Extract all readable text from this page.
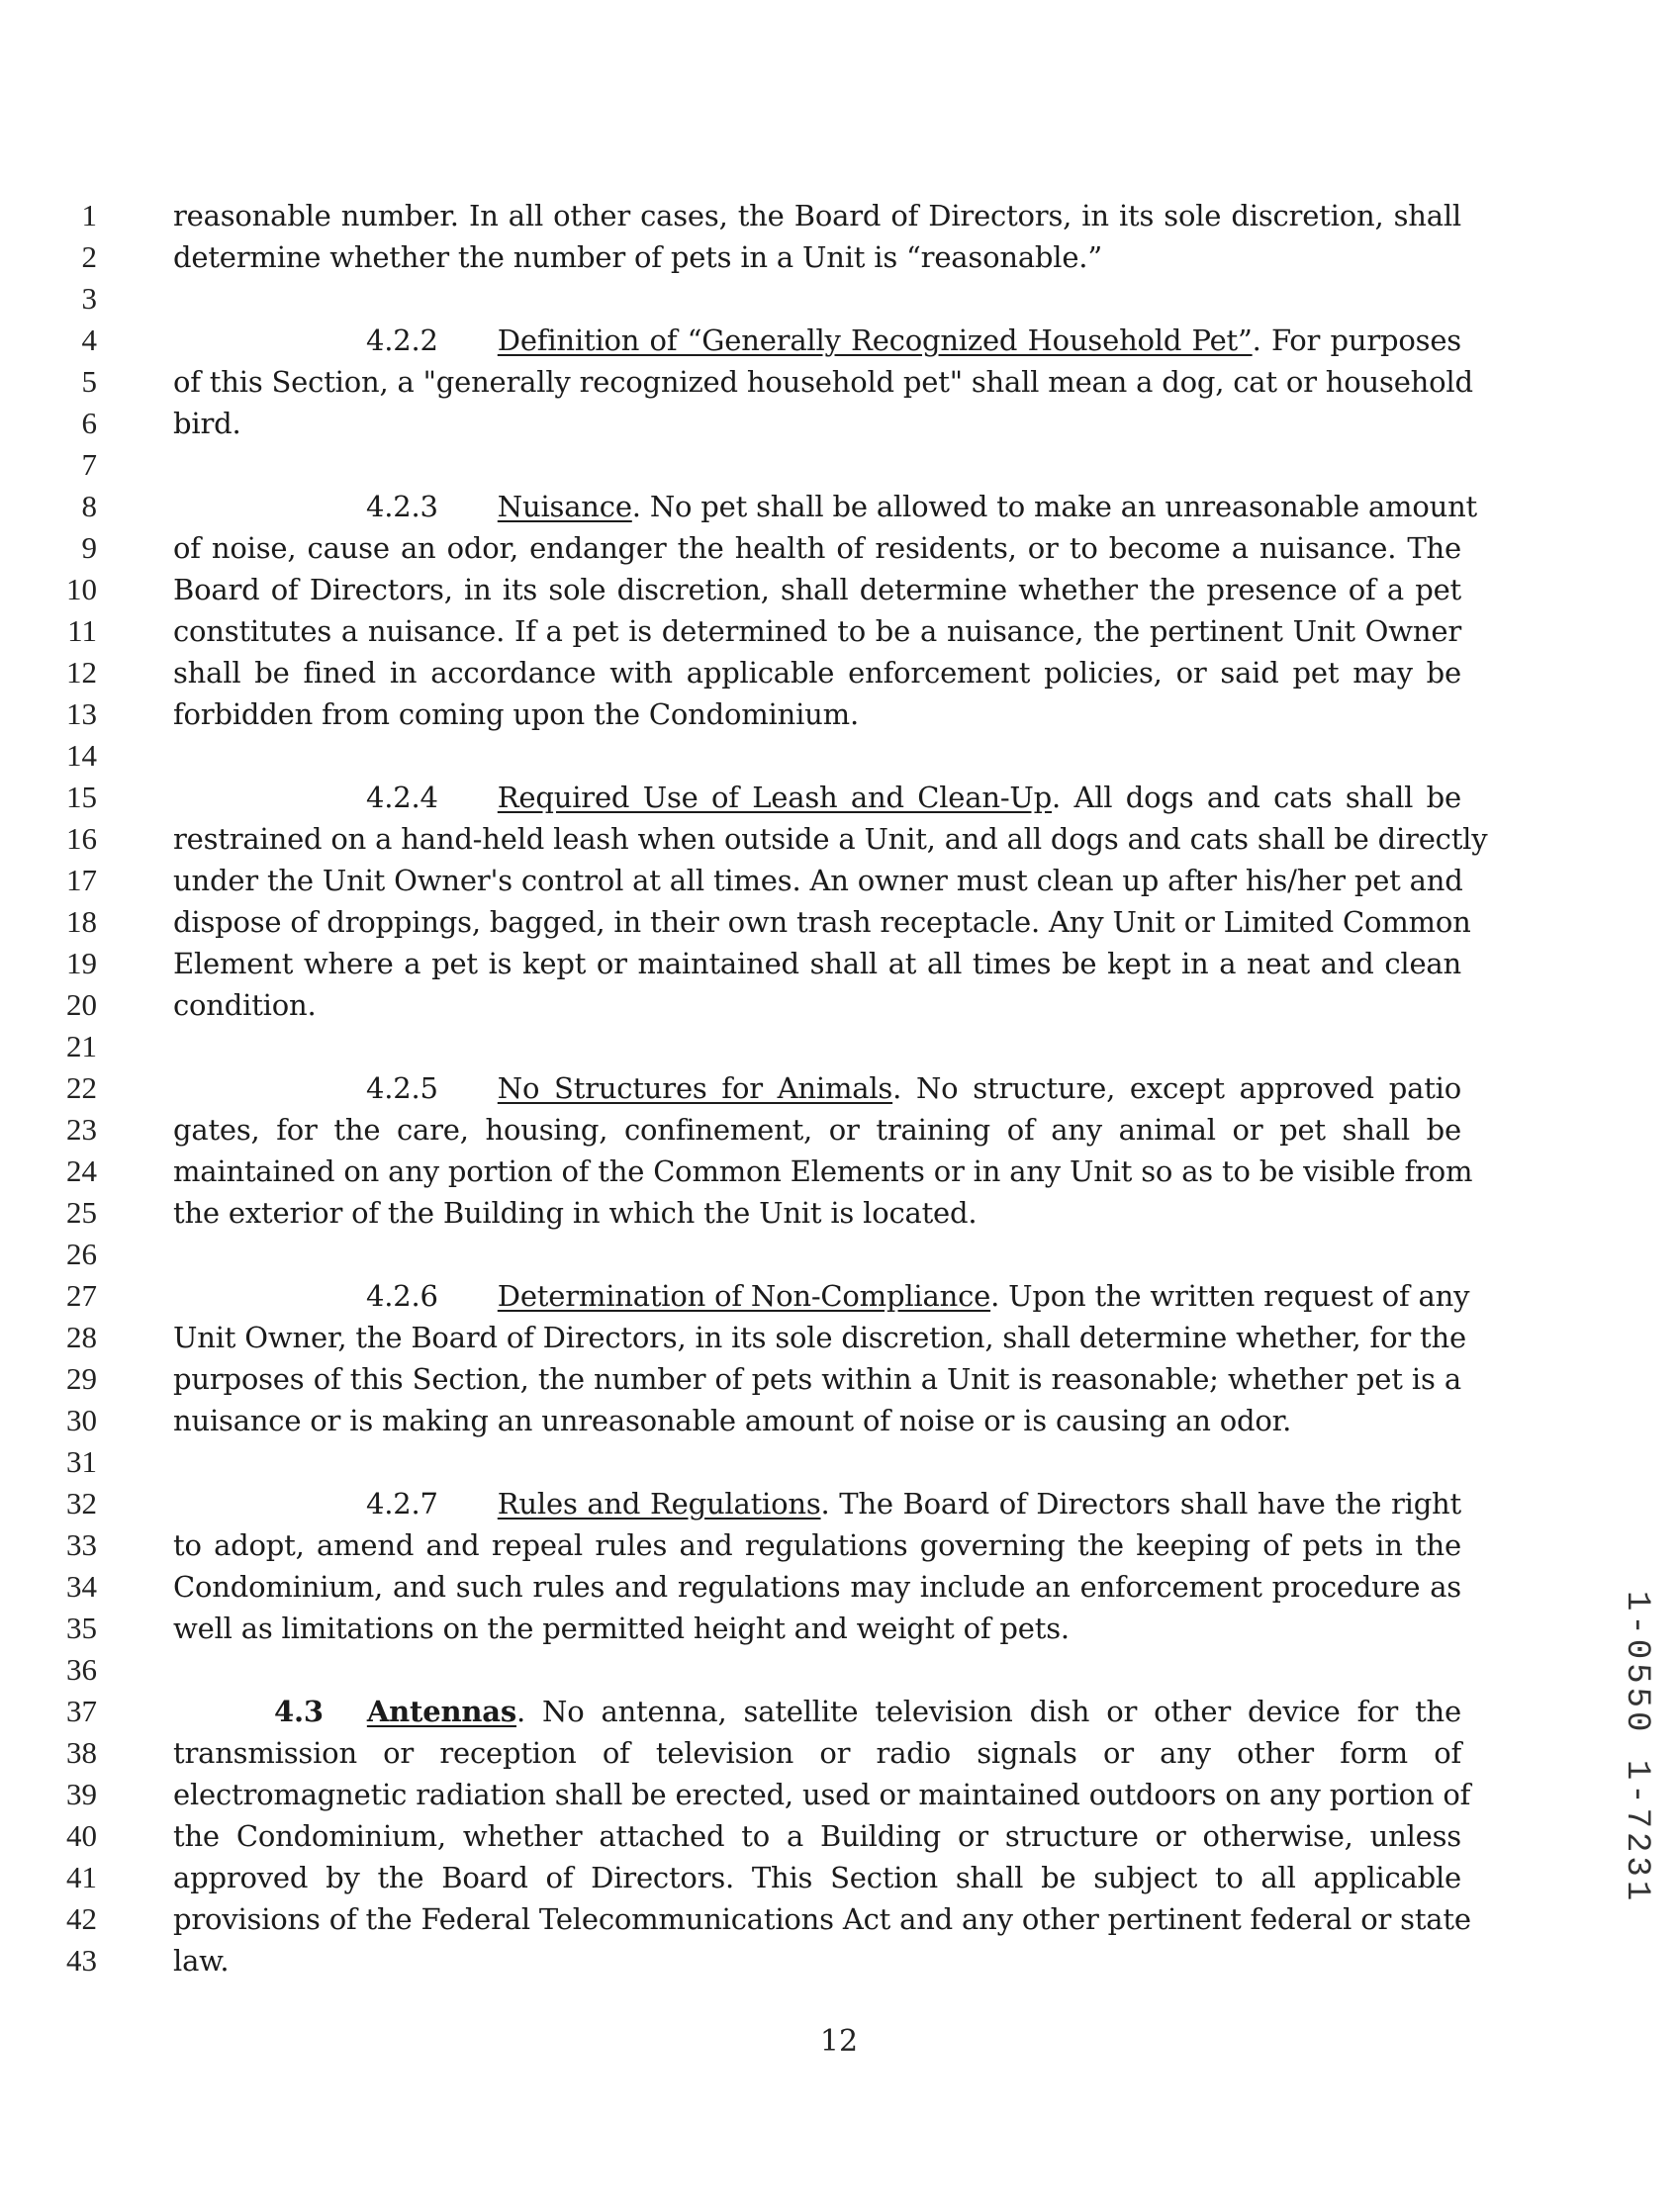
1
2
3
4
5
6
7
8
9
10
11
12
13
14
15
16
17
18
19
20
21
22
23
24
25
26
27
28
29
30
31
32
33
34
35
36
37
38
39
40
41
42
43
reasonable number. In all other cases, the Board of Directors, in its sole discretion, shall
determine whether the number of pets in a Unit is “reasonable.”
4.2.2 Definition of “Generally Recognized Household Pet”. For purposes
of this Section, a "generally recognized household pet" shall mean a dog, cat or household
bird.
4.2.3 Nuisance. No pet shall be allowed to make an unreasonable amount
of noise, cause an odor, endanger the health of residents, or to become a nuisance. The
Board of Directors, in its sole discretion, shall determine whether the presence of a pet
constitutes a nuisance. If a pet is determined to be a nuisance, the pertinent Unit Owner
shall be fined in accordance with applicable enforcement policies, or said pet may be
forbidden from coming upon the Condominium.
4.2.4 Required Use of Leash and Clean-Up. All dogs and cats shall be
restrained on a hand-held leash when outside a Unit, and all dogs and cats shall be directly
under the Unit Owner's control at all times. An owner must clean up after his/her pet and
dispose of droppings, bagged, in their own trash receptacle. Any Unit or Limited Common
Element where a pet is kept or maintained shall at all times be kept in a neat and clean
condition.
4.2.5 No Structures for Animals. No structure, except approved patio
gates, for the care, housing, confinement, or training of any animal or pet shall be
maintained on any portion of the Common Elements or in any Unit so as to be visible from
the exterior of the Building in which the Unit is located.
4.2.6 Determination of Non-Compliance. Upon the written request of any
Unit Owner, the Board of Directors, in its sole discretion, shall determine whether, for the
purposes of this Section, the number of pets within a Unit is reasonable; whether pet is a
nuisance or is making an unreasonable amount of noise or is causing an odor.
4.2.7 Rules and Regulations. The Board of Directors shall have the right
to adopt, amend and repeal rules and regulations governing the keeping of pets in the
Condominium, and such rules and regulations may include an enforcement procedure as
well as limitations on the permitted height and weight of pets.
4.3 Antennas. No antenna, satellite television dish or other device for the
transmission or reception of television or radio signals or any other form of
electromagnetic radiation shall be erected, used or maintained outdoors on any portion of
the Condominium, whether attached to a Building or structure or otherwise, unless
approved by the Board of Directors. This Section shall be subject to all applicable
provisions of the Federal Telecommunications Act and any other pertinent federal or state
law.
12
1-0550 1-7231
